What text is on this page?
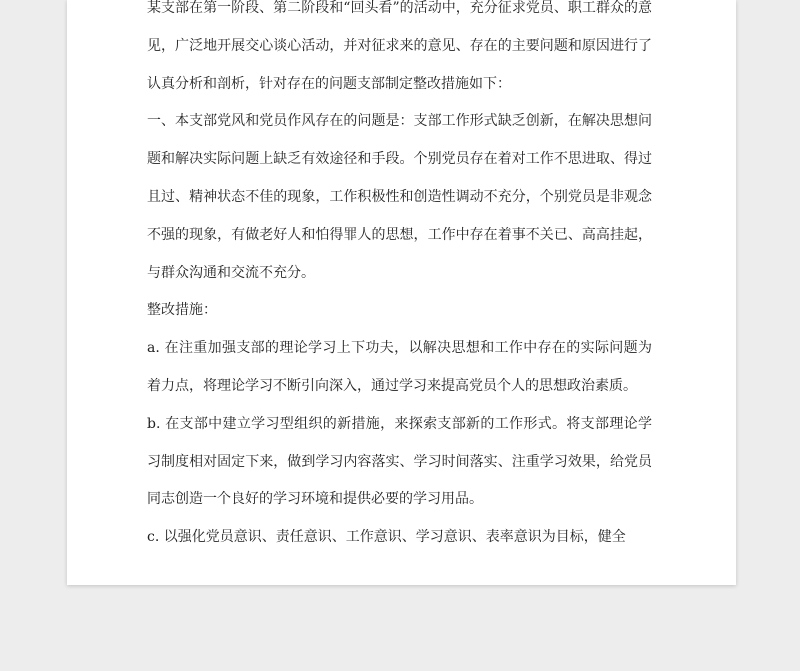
某支部在第一阶段、第二阶段和“回头看”的活动中，充分征求党员、职工群众的意见，广泛地开展交心谈心活动，并对征求来的意见、存在的主要问题和原因进行了认真分析和剖析，针对存在的问题支部制定整改措施如下：

一、本支部党风和党员作风存在的问题是：支部工作形式缺乏创新，在解决思想问题和解决实际问题上缺乏有效途径和手段。个别党员存在着对工作不思进取、得过且过、精神状态不佳的现象，工作积极性和创造性调动不充分，个别党员是非观念不强的现象，有做老好人和怕得罪人的思想，工作中存在着事不关已、高高挂起，与群众沟通和交流不充分。

整改措施：

a. 在注重加强支部的理论学习上下功夫，以解决思想和工作中存在的实际问题为着力点，将理论学习不断引向深入，通过学习来提高党员个人的思想政治素质。

b. 在支部中建立学习型组织的新措施，来探索支部新的工作形式。将支部理论学习制度相对固定下来，做到学习内容落实、学习时间落实、注重学习效果，给党员同志创造一个良好的学习环境和提供必要的学习用品。

c. 以强化党员意识、责任意识、工作意识、学习意识、表率意识为目标，健全
